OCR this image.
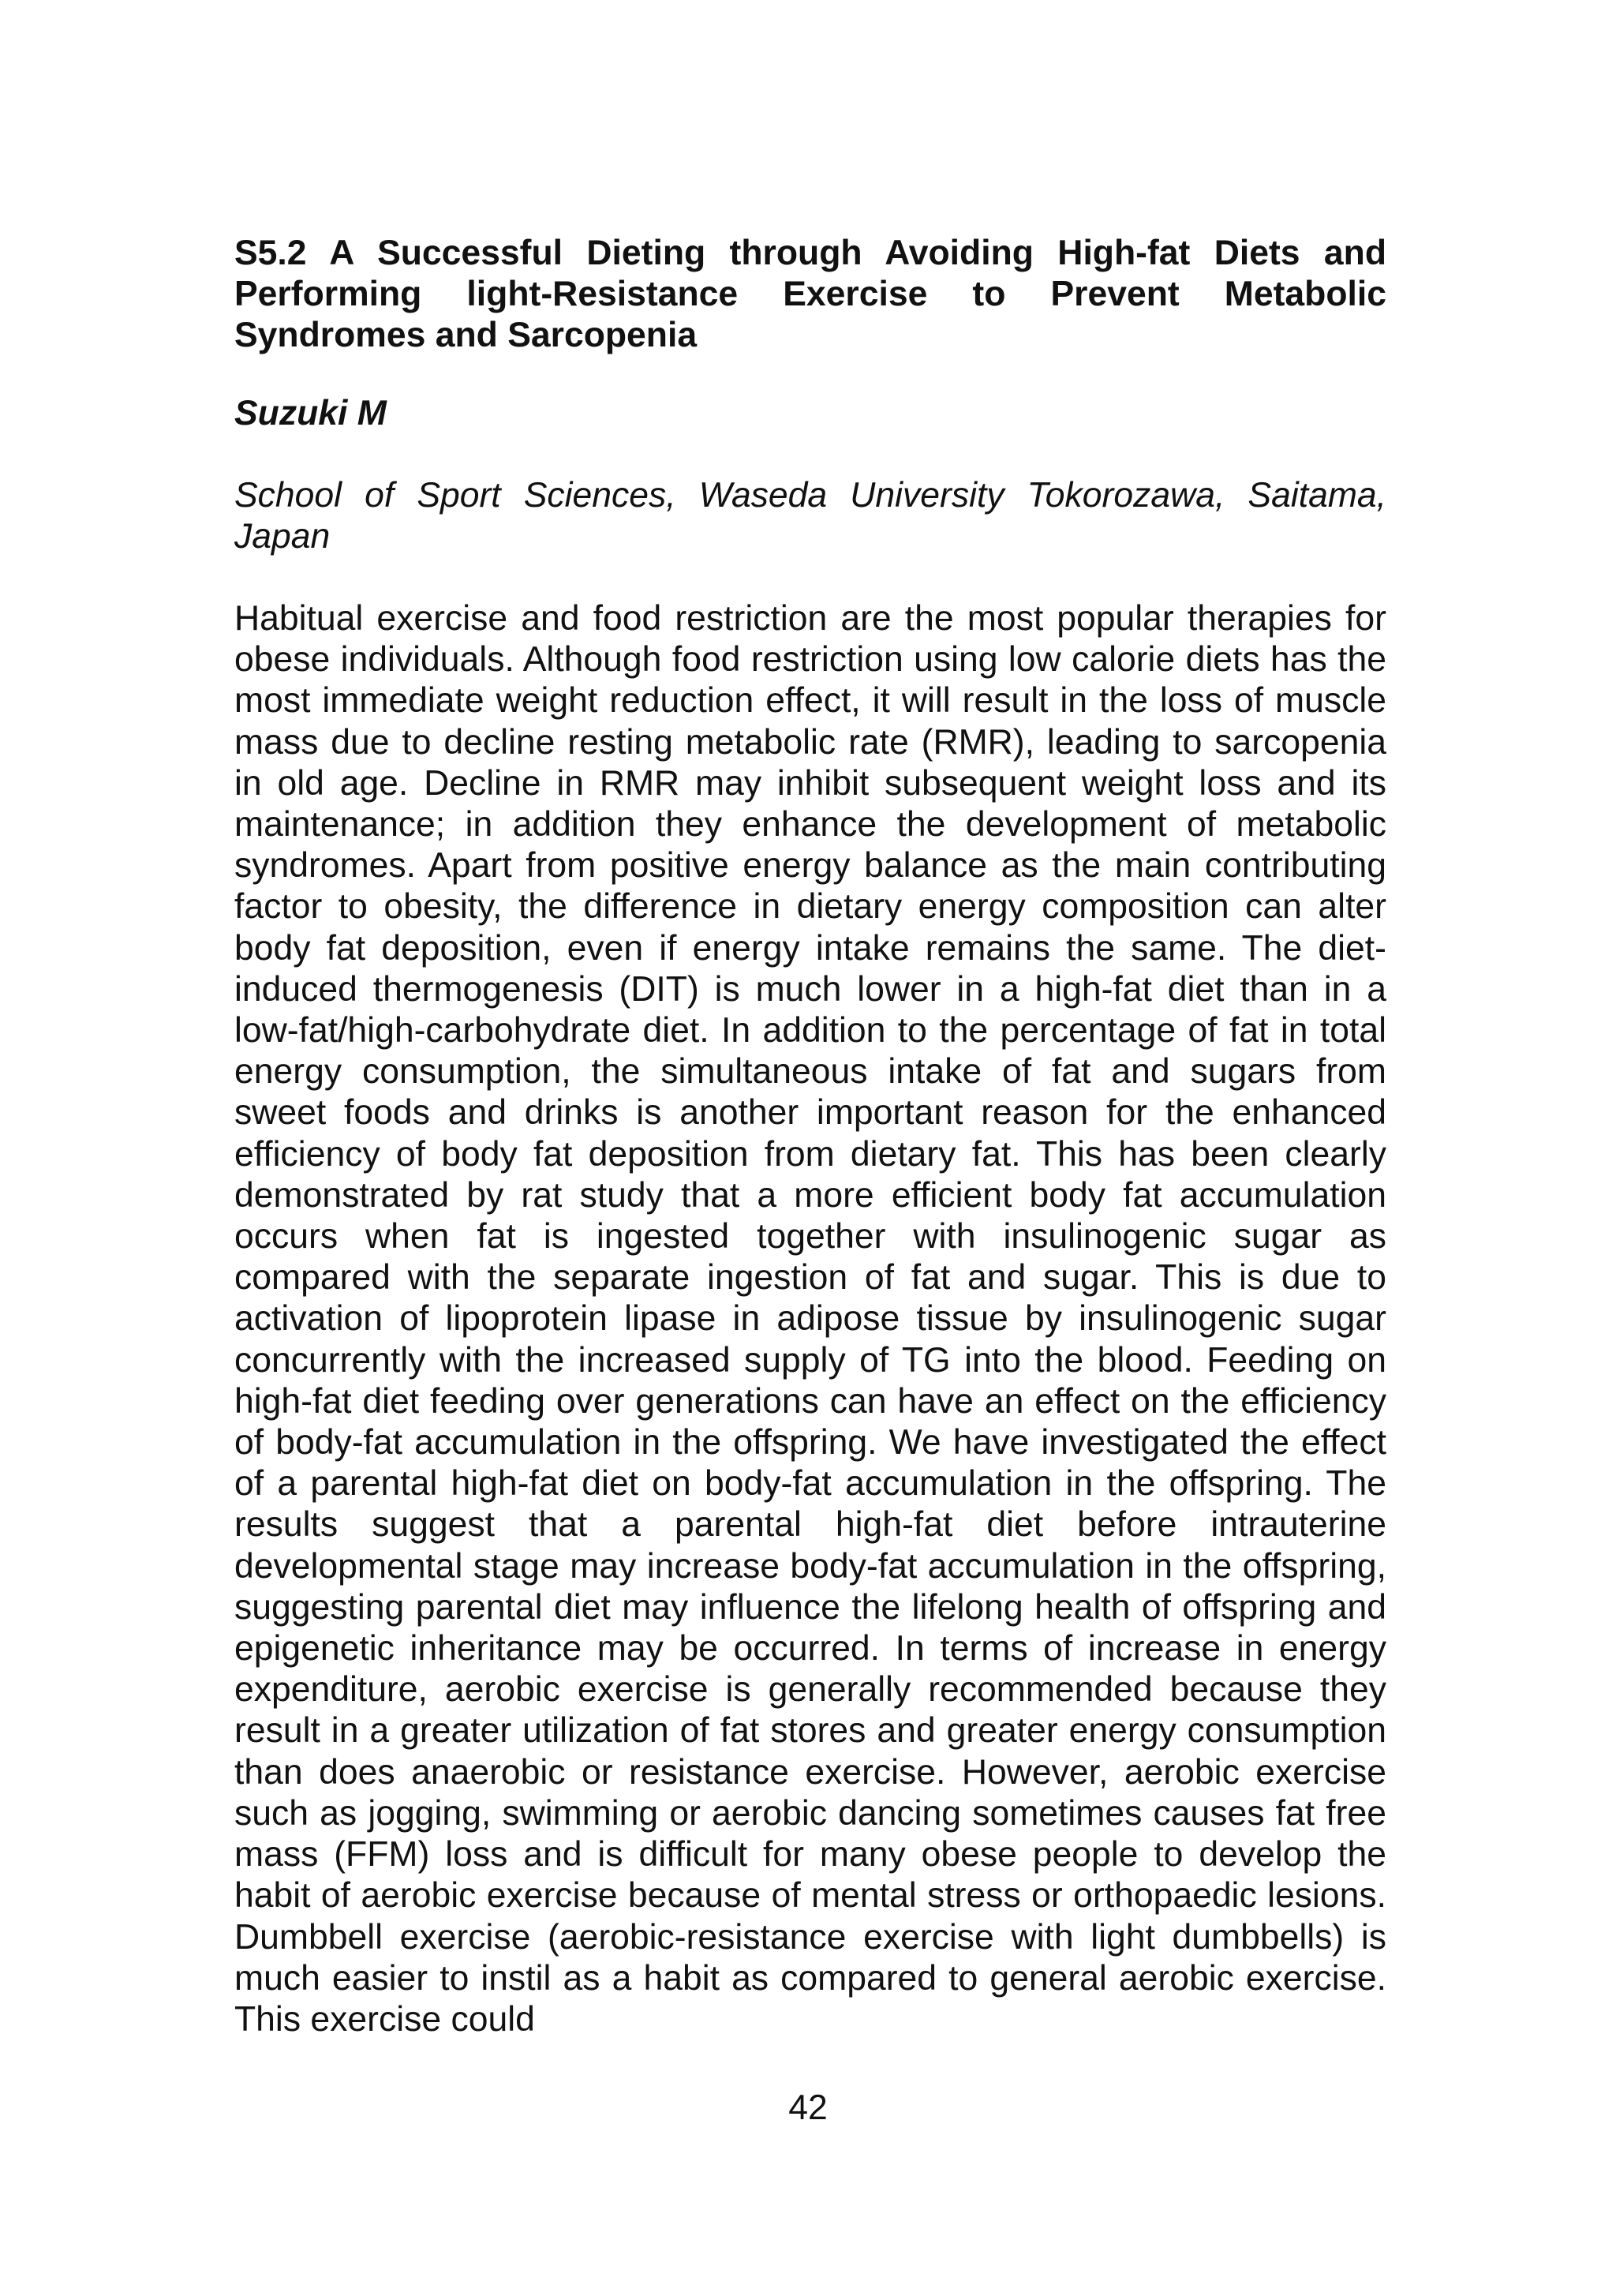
S5.2 A Successful Dieting through Avoiding High-fat Diets and Performing light-Resistance Exercise to Prevent Metabolic Syndromes and Sarcopenia

Suzuki M

School of Sport Sciences, Waseda University Tokorozawa, Saitama, Japan

Habitual exercise and food restriction are the most popular therapies for obese individuals. Although food restriction using low calorie diets has the most immediate weight reduction effect, it will result in the loss of muscle mass due to decline resting metabolic rate (RMR), leading to sarcopenia in old age. Decline in RMR may inhibit subsequent weight loss and its maintenance; in addition they enhance the development of metabolic syndromes. Apart from positive energy balance as the main contributing factor to obesity, the difference in dietary energy composition can alter body fat deposition, even if energy intake remains the same. The diet-induced thermogenesis (DIT) is much lower in a high-fat diet than in a low-fat/high-carbohydrate diet. In addition to the percentage of fat in total energy consumption, the simultaneous intake of fat and sugars from sweet foods and drinks is another important reason for the enhanced efficiency of body fat deposition from dietary fat. This has been clearly demonstrated by rat study that a more efficient body fat accumulation occurs when fat is ingested together with insulinogenic sugar as compared with the separate ingestion of fat and sugar. This is due to activation of lipoprotein lipase in adipose tissue by insulinogenic sugar concurrently with the increased supply of TG into the blood. Feeding on high-fat diet feeding over generations can have an effect on the efficiency of body-fat accumulation in the offspring. We have investigated the effect of a parental high-fat diet on body-fat accumulation in the offspring. The results suggest that a parental high-fat diet before intrauterine developmental stage may increase body-fat accumulation in the offspring, suggesting parental diet may influence the lifelong health of offspring and epigenetic inheritance may be occurred. In terms of increase in energy expenditure, aerobic exercise is generally recommended because they result in a greater utilization of fat stores and greater energy consumption than does anaerobic or resistance exercise. However, aerobic exercise such as jogging, swimming or aerobic dancing sometimes causes fat free mass (FFM) loss and is difficult for many obese people to develop the habit of aerobic exercise because of mental stress or orthopaedic lesions. Dumbbell exercise (aerobic-resistance exercise with light dumbbells) is much easier to instil as a habit as compared to general aerobic exercise. This exercise could

42
